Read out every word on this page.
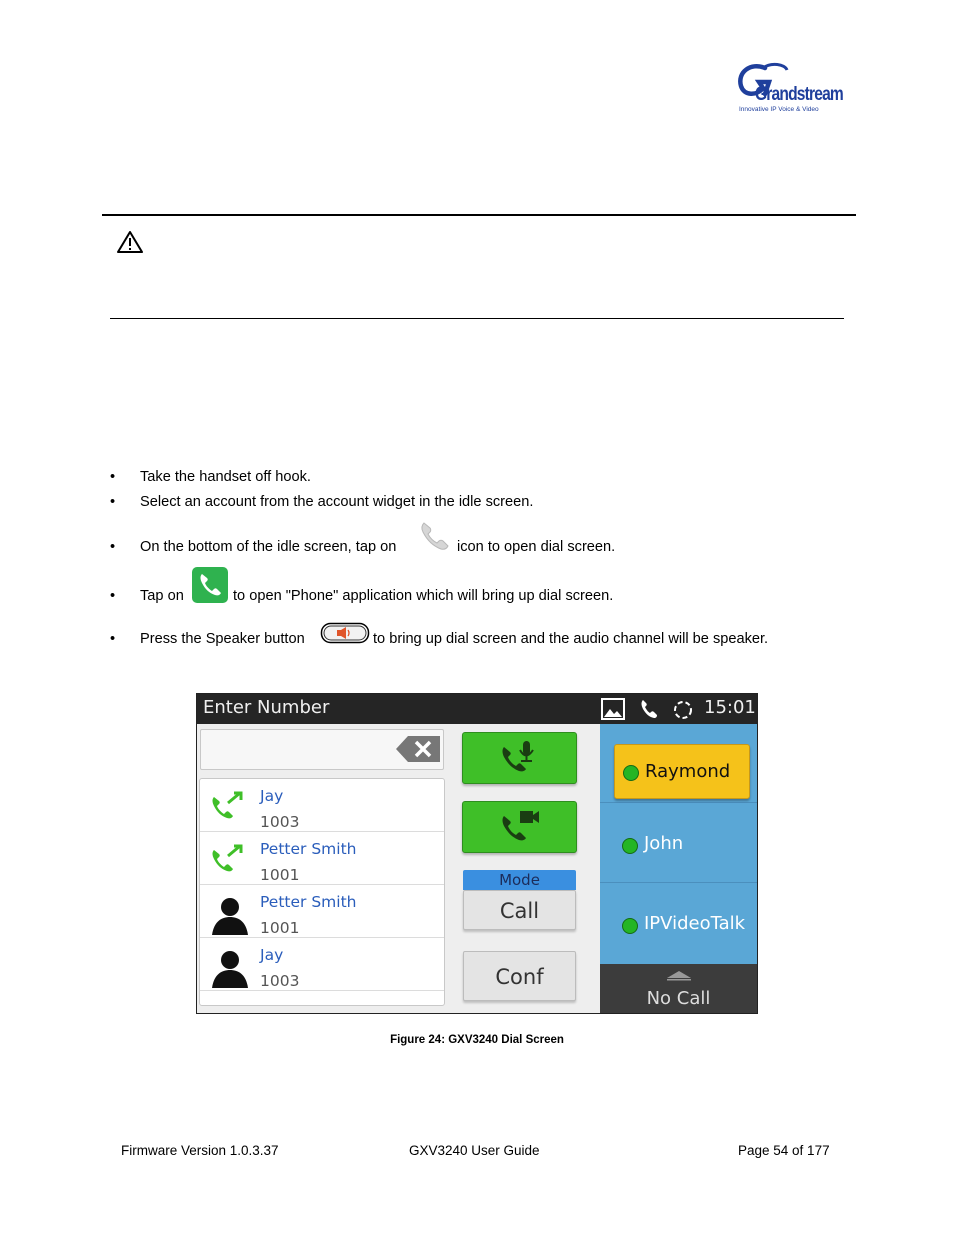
Grandstream
Innovative IP Voice & Video
• Take the handset off hook.
• Select an account from the account widget in the idle screen.
• On the bottom of the idle screen, tap on	icon to open dial screen.
• Tap on	to open "Phone" application which will bring up dial screen.
• Press the Speaker button	to bring up dial screen and the audio channel will be speaker.
Enter Number	15:01
Jay
1003
Petter Smith
1001
Petter Smith
1001
Jay
1003
Mode
Call
Conf
Raymond
John
IPVideoTalk
No Call
Figure 24: GXV3240 Dial Screen
Firmware Version 1.0.3.37	GXV3240 User Guide	Page 54 of 177
